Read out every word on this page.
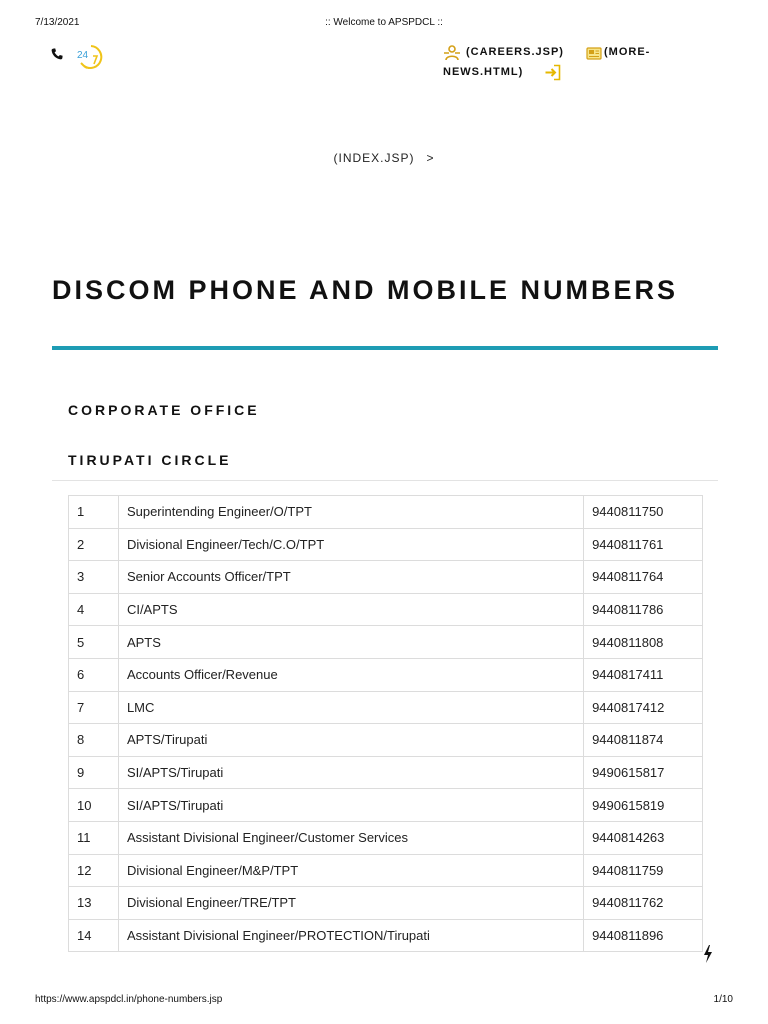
7/13/2021	:: Welcome to APSPDCL ::
24	(CAREERS.JSP)	(MORE-
NEWS.HTML)
(INDEX.JSP) >
DISCOM PHONE AND MOBILE NUMBERS
CORPORATE OFFICE
TIRUPATI CIRCLE
1	Superintending Engineer/O/TPT	9440811750
2	Divisional Engineer/Tech/C.O/TPT	9440811761
3	Senior Accounts Officer/TPT	9440811764
4	CI/APTS	9440811786
5	APTS	9440811808
6	Accounts Officer/Revenue	9440817411
7	LMC	9440817412
8	APTS/Tirupati	9440811874
9	SI/APTS/Tirupati	9490615817
10	SI/APTS/Tirupati	9490615819
11	Assistant Divisional Engineer/Customer Services	9440814263
12	Divisional Engineer/M&P/TPT	9440811759
13	Divisional Engineer/TRE/TPT	9440811762
14	Assistant Divisional Engineer/PROTECTION/Tirupati	9440811896
https://www.apspdcl.in/phone-numbers.jsp	1/10
